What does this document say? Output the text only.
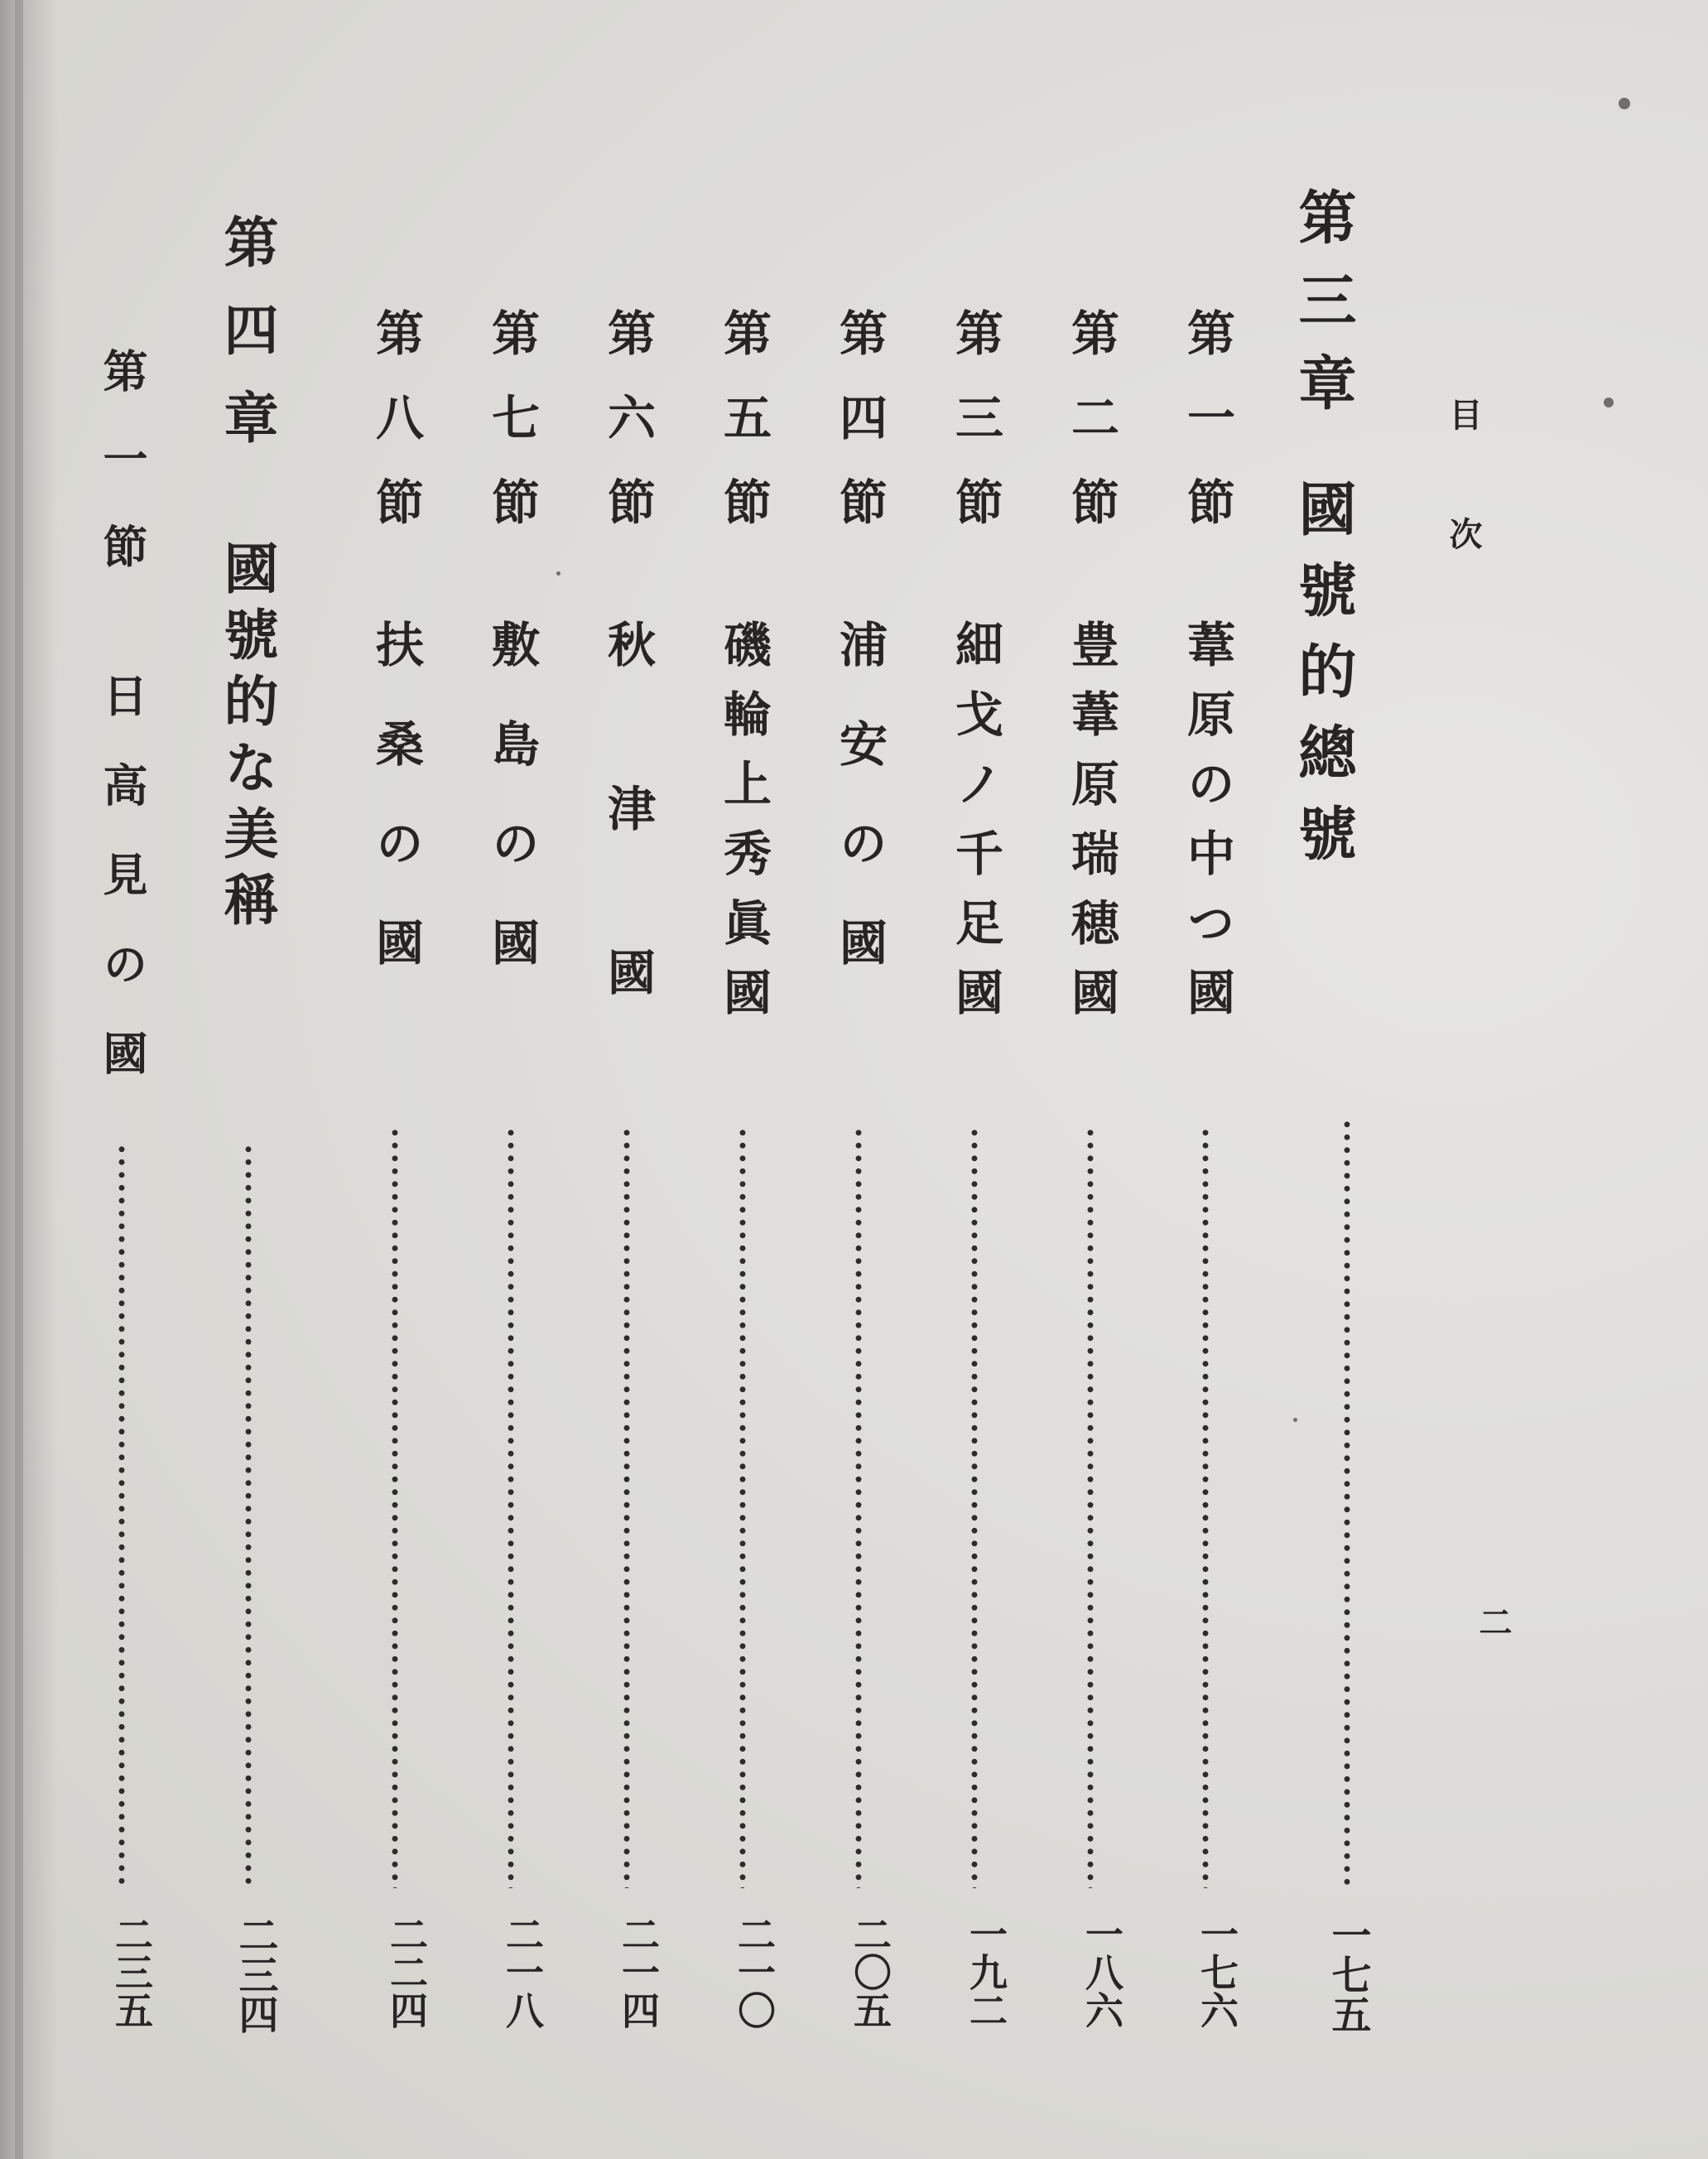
目次
二
第三章
國號的總號
一七五
第一節
葦原の中つ國
一七六
第二節
豊葦原瑞穂國
一八六
第三節
細戈ノ千足國
一九二
第四節
浦安の國
二〇五
第五節
磯輪上秀眞國
二一〇
第六節
秋津國
二一四
第七節
敷島の國
二一八
第八節
扶桑の國
二二四
第四章
國號的な美稱
二三四
第一節
日高見の國
二三五
